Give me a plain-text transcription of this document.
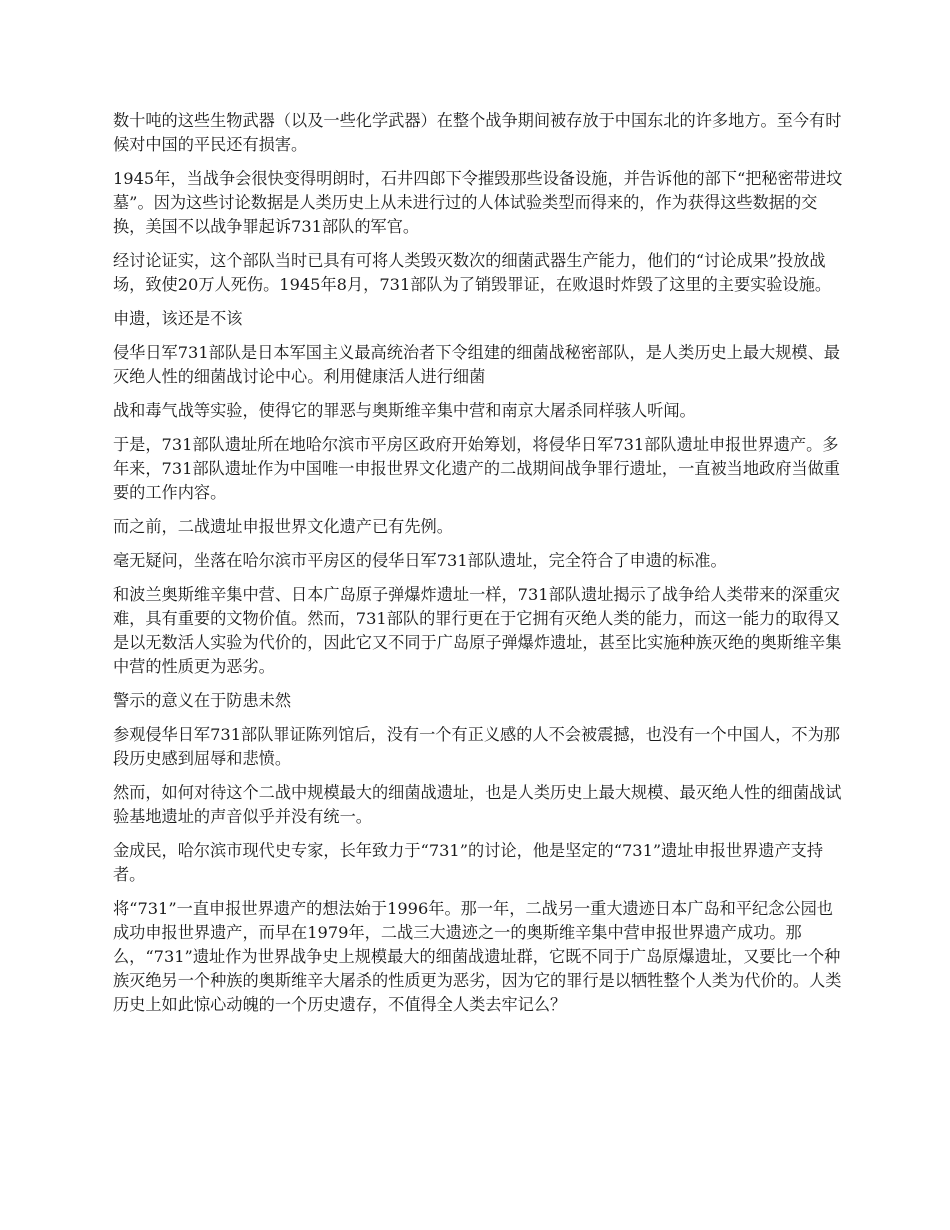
数十吨的这些生物武器（以及一些化学武器）在整个战争期间被存放于中国东北的许多地方。至今有时候对中国的平民还有损害。

1945年，当战争会很快变得明朗时，石井四郎下令摧毁那些设备设施，并告诉他的部下“把秘密带进坟墓”。因为这些讨论数据是人类历史上从未进行过的人体试验类型而得来的，作为获得这些数据的交换，美国不以战争罪起诉731部队的军官。

经讨论证实，这个部队当时已具有可将人类毁灭数次的细菌武器生产能力，他们的“讨论成果”投放战场，致使20万人死伤。1945年8月，731部队为了销毁罪证，在败退时炸毁了这里的主要实验设施。

申遗，该还是不该

侵华日军731部队是日本军国主义最高统治者下令组建的细菌战秘密部队，是人类历史上最大规模、最灭绝人性的细菌战讨论中心。利用健康活人进行细菌

战和毒气战等实验，使得它的罪恶与奥斯维辛集中营和南京大屠杀同样骇人听闻。

于是，731部队遗址所在地哈尔滨市平房区政府开始筹划，将侵华日军731部队遗址申报世界遗产。多年来，731部队遗址作为中国唯一申报世界文化遗产的二战期间战争罪行遗址，一直被当地政府当做重要的工作内容。

而之前，二战遗址申报世界文化遗产已有先例。

毫无疑问，坐落在哈尔滨市平房区的侵华日军731部队遗址，完全符合了申遗的标准。

和波兰奥斯维辛集中营、日本广岛原子弹爆炸遗址一样，731部队遗址揭示了战争给人类带来的深重灾难，具有重要的文物价值。然而，731部队的罪行更在于它拥有灭绝人类的能力，而这一能力的取得又是以无数活人实验为代价的，因此它又不同于广岛原子弹爆炸遗址，甚至比实施种族灭绝的奥斯维辛集中营的性质更为恶劣。

警示的意义在于防患未然

参观侵华日军731部队罪证陈列馆后，没有一个有正义感的人不会被震撼，也没有一个中国人，不为那段历史感到屈辱和悲愤。

然而，如何对待这个二战中规模最大的细菌战遗址，也是人类历史上最大规模、最灭绝人性的细菌战试验基地遗址的声音似乎并没有统一。

金成民，哈尔滨市现代史专家，长年致力于“731”的讨论，他是坚定的“731”遗址申报世界遗产支持者。

将“731”一直申报世界遗产的想法始于1996年。那一年，二战另一重大遗迹日本广岛和平纪念公园也成功申报世界遗产，而早在1979年，二战三大遗迹之一的奥斯维辛集中营申报世界遗产成功。那么，“731”遗址作为世界战争史上规模最大的细菌战遗址群，它既不同于广岛原爆遗址，又要比一个种族灭绝另一个种族的奥斯维辛大屠杀的性质更为恶劣，因为它的罪行是以牺牲整个人类为代价的。人类历史上如此惊心动魄的一个历史遗存，不值得全人类去牢记么？
